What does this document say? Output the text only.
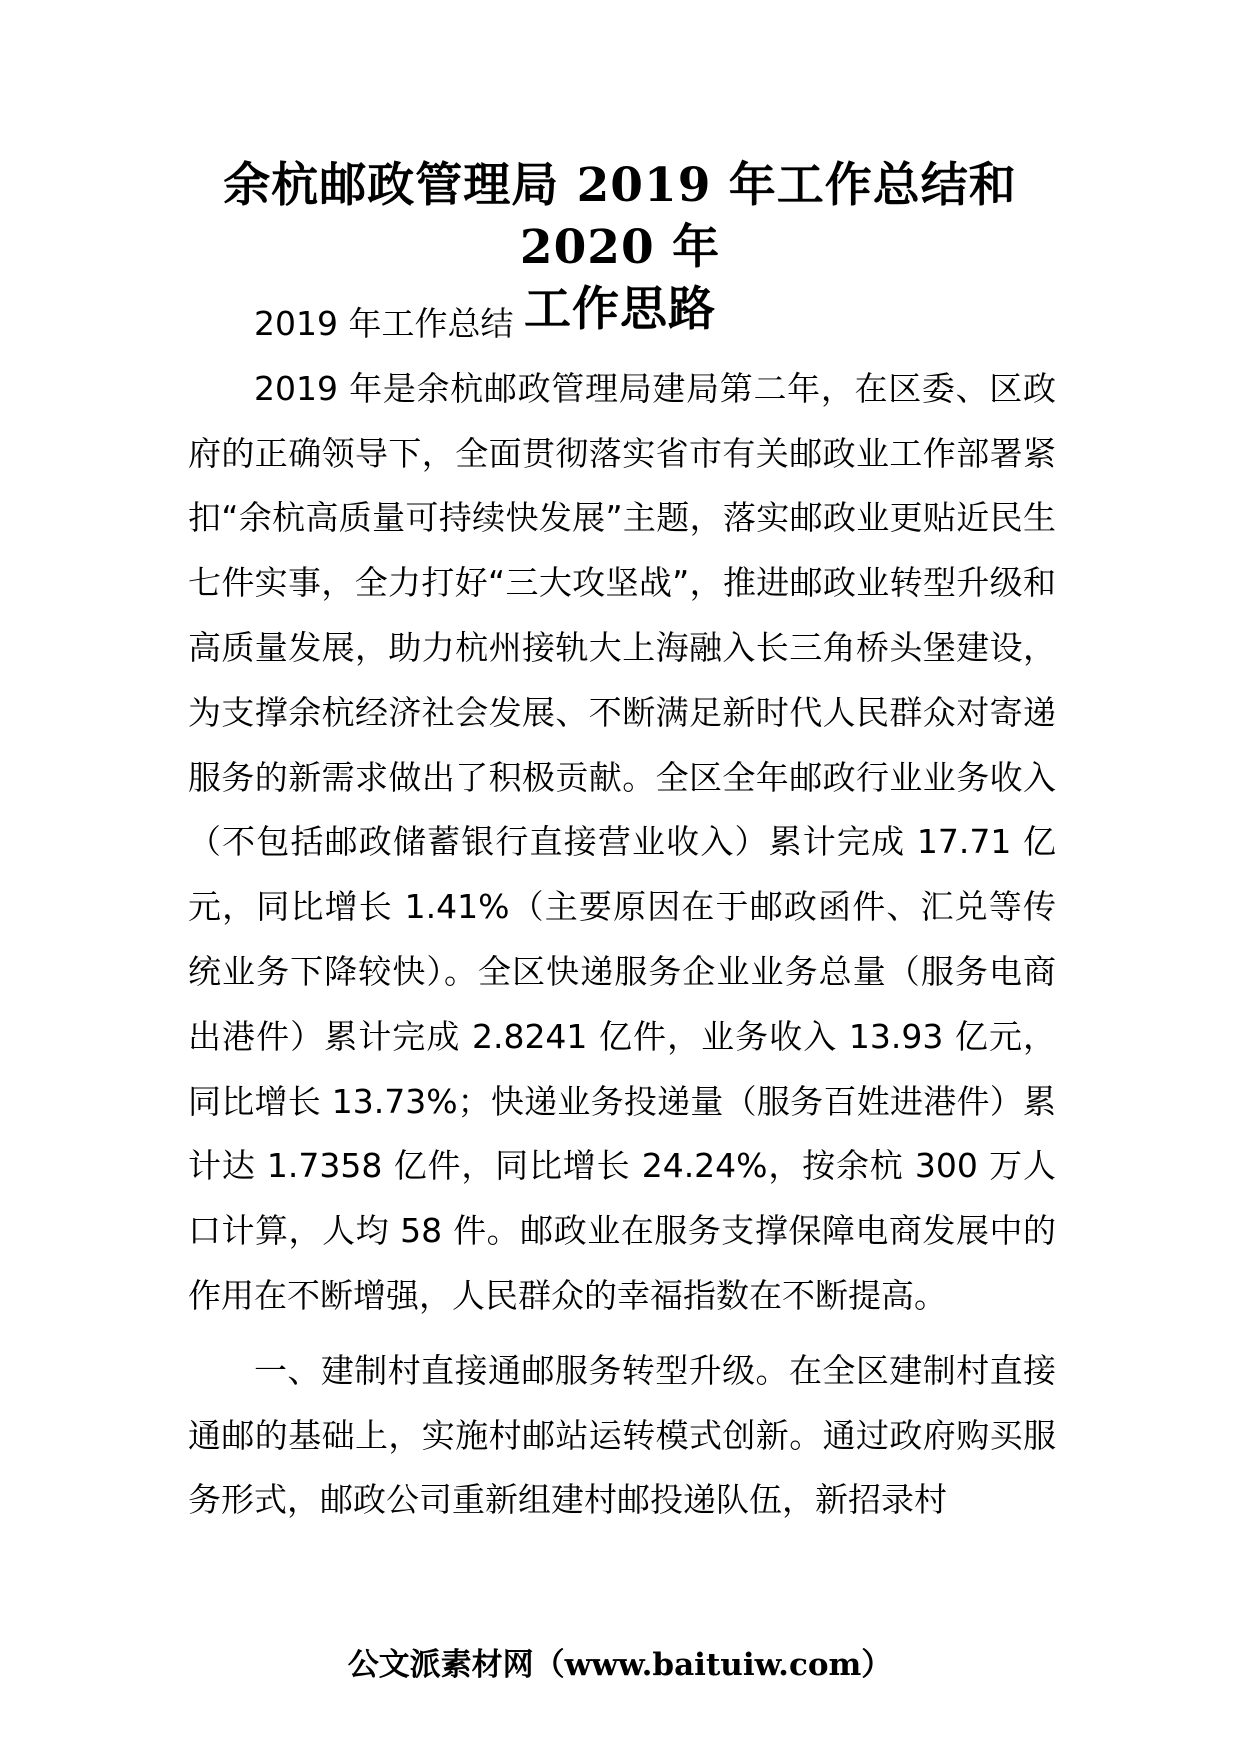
余杭邮政管理局 2019 年工作总结和 2020 年
工作思路

2019 年工作总结

2019 年是余杭邮政管理局建局第二年，在区委、区政府的正确领导下，全面贯彻落实省市有关邮政业工作部署紧扣“余杭高质量可持续快发展”主题，落实邮政业更贴近民生七件实事，全力打好“三大攻坚战”，推进邮政业转型升级和高质量发展，助力杭州接轨大上海融入长三角桥头堡建设，为支撑余杭经济社会发展、不断满足新时代人民群众对寄递服务的新需求做出了积极贡献。全区全年邮政行业业务收入（不包括邮政储蓄银行直接营业收入）累计完成 17.71 亿元，同比增长 1.41%（主要原因在于邮政函件、汇兑等传统业务下降较快）。全区快递服务企业业务总量（服务电商出港件）累计完成 2.8241 亿件，业务收入 13.93 亿元，同比增长 13.73%；快递业务投递量（服务百姓进港件）累计达 1.7358 亿件，同比增长 24.24%，按余杭 300 万人口计算，人均 58 件。邮政业在服务支撑保障电商发展中的作用在不断增强，人民群众的幸福指数在不断提高。

一、建制村直接通邮服务转型升级。在全区建制村直接通邮的基础上，实施村邮站运转模式创新。通过政府购买服务形式，邮政公司重新组建村邮投递队伍，新招录村

公文派素材网（www.baituiw.com）
